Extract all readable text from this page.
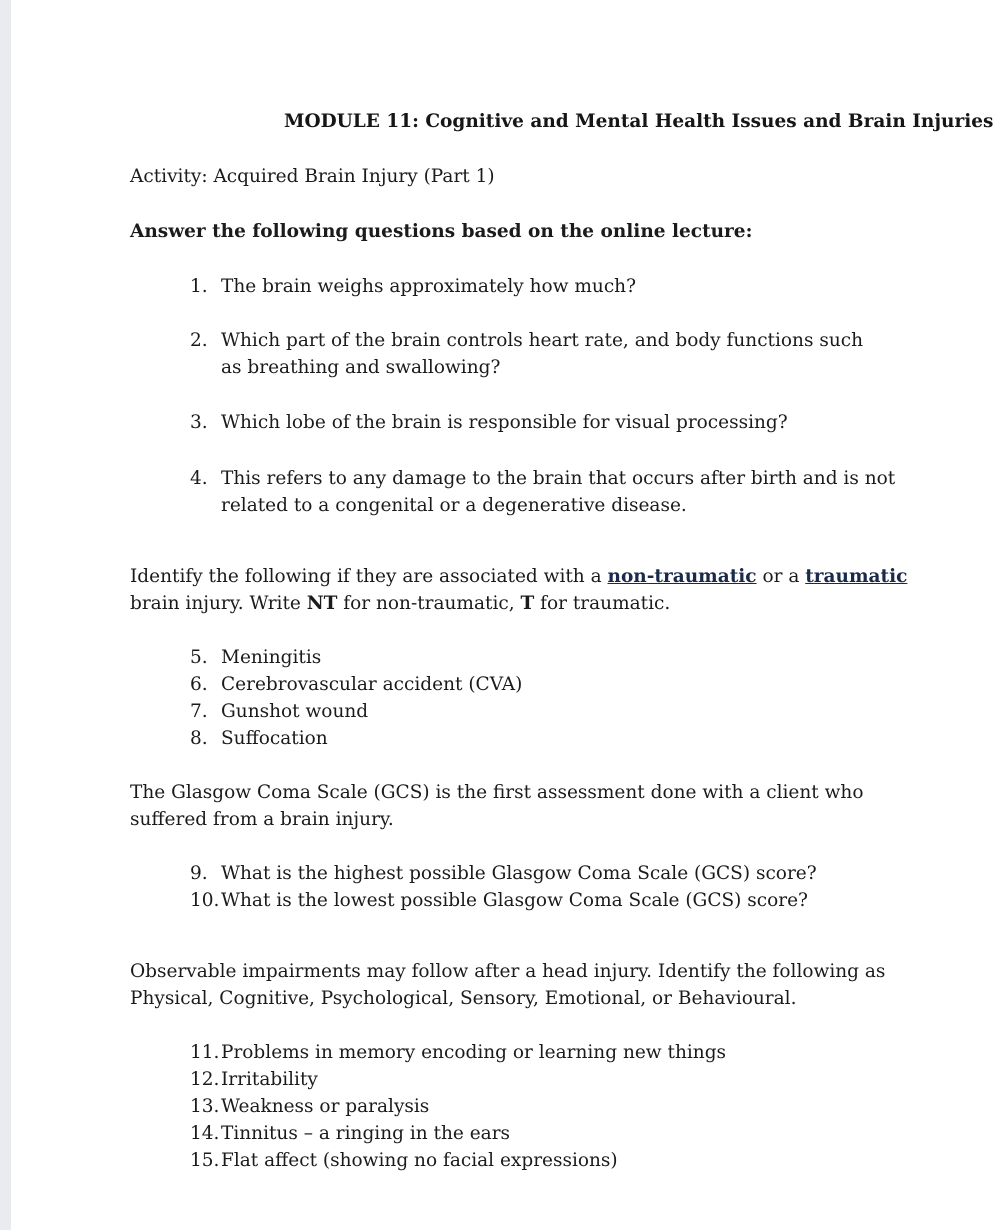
MODULE 11: Cognitive and Mental Health Issues and Brain Injuries
Activity: Acquired Brain Injury (Part 1)
Answer the following questions based on the online lecture:
1. The brain weighs approximately how much?
2. Which part of the brain controls heart rate, and body functions such as breathing and swallowing?
3. Which lobe of the brain is responsible for visual processing?
4. This refers to any damage to the brain that occurs after birth and is not related to a congenital or a degenerative disease.
Identify the following if they are associated with a non-traumatic or a traumatic brain injury. Write NT for non-traumatic, T for traumatic.
5. Meningitis
6. Cerebrovascular accident (CVA)
7. Gunshot wound
8. Suffocation
The Glasgow Coma Scale (GCS) is the first assessment done with a client who suffered from a brain injury.
9. What is the highest possible Glasgow Coma Scale (GCS) score?
10. What is the lowest possible Glasgow Coma Scale (GCS) score?
Observable impairments may follow after a head injury. Identify the following as Physical, Cognitive, Psychological, Sensory, Emotional, or Behavioural.
11. Problems in memory encoding or learning new things
12. Irritability
13. Weakness or paralysis
14. Tinnitus – a ringing in the ears
15. Flat affect (showing no facial expressions)
